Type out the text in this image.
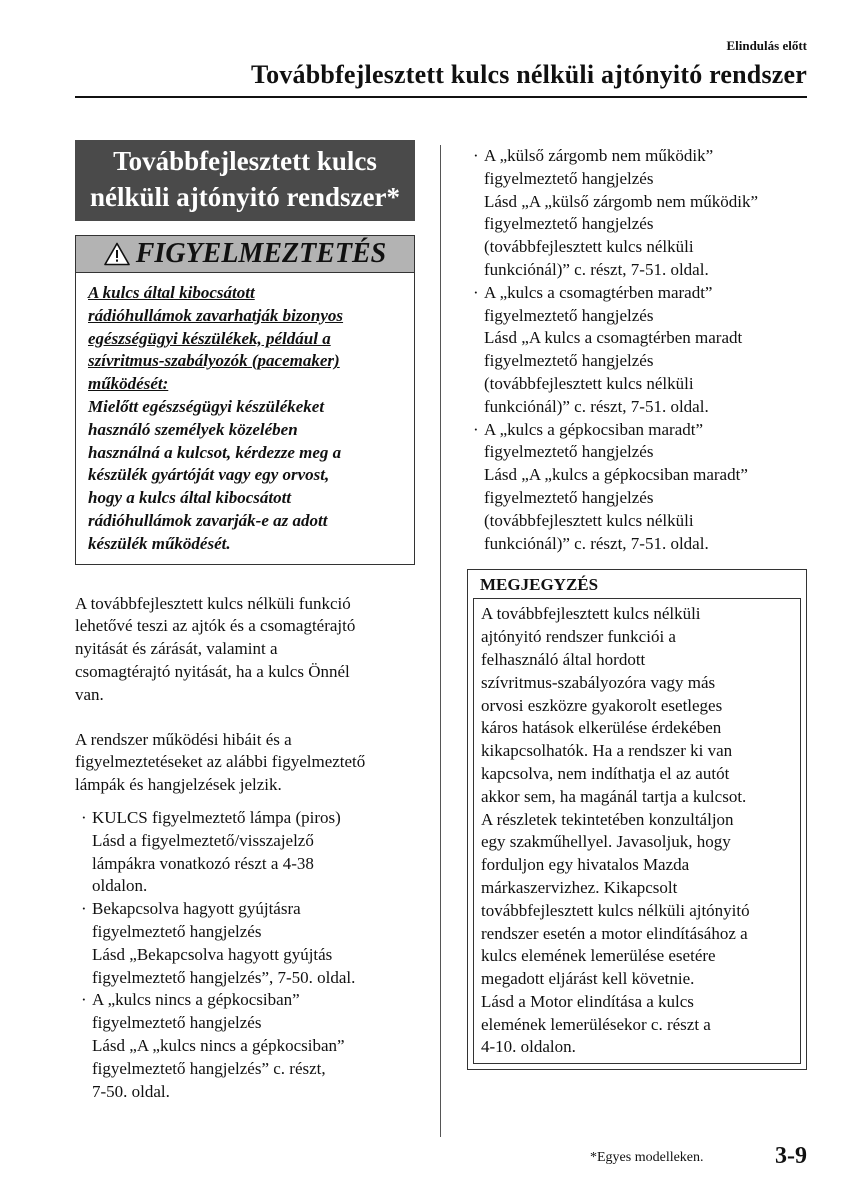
Elindulás előtt
Továbbfejlesztett kulcs nélküli ajtónyitó rendszer
Továbbfejlesztett kulcs
nélküli ajtónyitó rendszer*
FIGYELMEZTETÉS
A kulcs által kibocsátott
rádióhullámok zavarhatják bizonyos
egészségügyi készülékek, például a
szívritmus-szabályozók (pacemaker)
működését:
Mielőtt egészségügyi készülékeket
használó személyek közelében
használná a kulcsot, kérdezze meg a
készülék gyártóját vagy egy orvost,
hogy a kulcs által kibocsátott
rádióhullámok zavarják-e az adott
készülék működését.
A továbbfejlesztett kulcs nélküli funkció
lehetővé teszi az ajtók és a csomagtérajtó
nyitását és zárását, valamint a
csomagtérajtó nyitását, ha a kulcs Önnél
van.
A rendszer működési hibáit és a
figyelmeztetéseket az alábbi figyelmeztető
lámpák és hangjelzések jelzik.
· KULCS figyelmeztető lámpa (piros)
Lásd a figyelmeztető/visszajelző
lámpákra vonatkozó részt a 4-38
oldalon.
· Bekapcsolva hagyott gyújtásra
figyelmeztető hangjelzés
Lásd „Bekapcsolva hagyott gyújtás
figyelmeztető hangjelzés”, 7-50. oldal.
· A „kulcs nincs a gépkocsiban”
figyelmeztető hangjelzés
Lásd „A „kulcs nincs a gépkocsiban”
figyelmeztető hangjelzés” c. részt,
7-50. oldal.
· A „külső zárgomb nem működik”
figyelmeztető hangjelzés
Lásd „A „külső zárgomb nem működik”
figyelmeztető hangjelzés
(továbbfejlesztett kulcs nélküli
funkciónál)” c. részt, 7-51. oldal.
· A „kulcs a csomagtérben maradt”
figyelmeztető hangjelzés
Lásd „A kulcs a csomagtérben maradt
figyelmeztető hangjelzés
(továbbfejlesztett kulcs nélküli
funkciónál)” c. részt, 7-51. oldal.
· A „kulcs a gépkocsiban maradt”
figyelmeztető hangjelzés
Lásd „A „kulcs a gépkocsiban maradt”
figyelmeztető hangjelzés
(továbbfejlesztett kulcs nélküli
funkciónál)” c. részt, 7-51. oldal.
MEGJEGYZÉS
A továbbfejlesztett kulcs nélküli
ajtónyitó rendszer funkciói a
felhasználó által hordott
szívritmus-szabályozóra vagy más
orvosi eszközre gyakorolt esetleges
káros hatások elkerülése érdekében
kikapcsolhatók. Ha a rendszer ki van
kapcsolva, nem indíthatja el az autót
akkor sem, ha magánál tartja a kulcsot.
A részletek tekintetében konzultáljon
egy szakműhellyel. Javasoljuk, hogy
forduljon egy hivatalos Mazda
márkaszervizhez. Kikapcsolt
továbbfejlesztett kulcs nélküli ajtónyitó
rendszer esetén a motor elindításához a
kulcs elemének lemerülése esetére
megadott eljárást kell követnie.
Lásd a Motor elindítása a kulcs
elemének lemerülésekor c. részt a
4-10. oldalon.
*Egyes modelleken.	3-9
